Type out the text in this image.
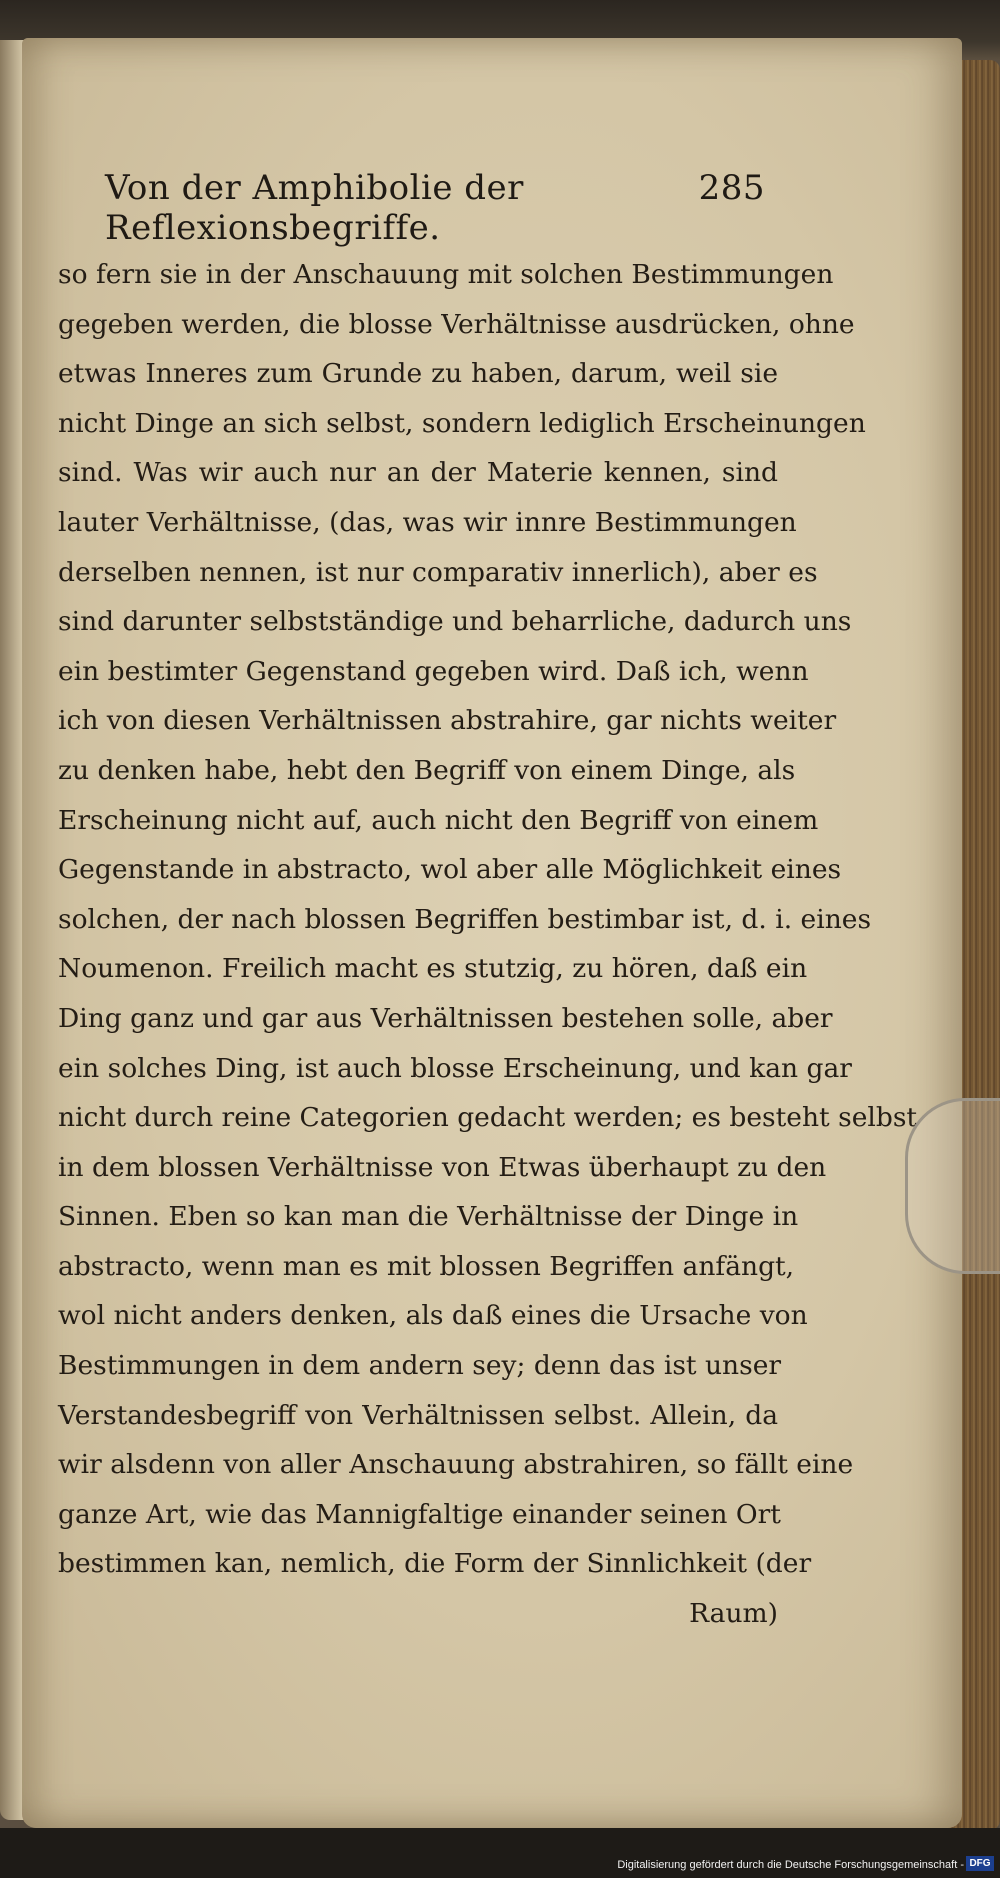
Von der Amphibolie der Reflexionsbegriffe.
285
so fern sie in der Anschauung mit solchen Bestimmungen
gegeben werden, die blosse Verhältnisse ausdrücken, ohne
etwas Inneres zum Grunde zu haben, darum, weil sie
nicht Dinge an sich selbst, sondern lediglich Erscheinungen
sind. Was wir auch nur an der Materie kennen, sind
lauter Verhältnisse, (das, was wir innre Bestimmungen
derselben nennen, ist nur comparativ innerlich), aber es
sind darunter selbstständige und beharrliche, dadurch uns
ein bestimter Gegenstand gegeben wird. Daß ich, wenn
ich von diesen Verhältnissen abstrahire, gar nichts weiter
zu denken habe, hebt den Begriff von einem Dinge, als
Erscheinung nicht auf, auch nicht den Begriff von einem
Gegenstande in abstracto, wol aber alle Möglichkeit eines
solchen, der nach blossen Begriffen bestimbar ist, d. i. eines
Noumenon. Freilich macht es stutzig, zu hören, daß ein
Ding ganz und gar aus Verhältnissen bestehen solle, aber
ein solches Ding, ist auch blosse Erscheinung, und kan gar
nicht durch reine Categorien gedacht werden; es besteht selbst
in dem blossen Verhältnisse von Etwas überhaupt zu den
Sinnen. Eben so kan man die Verhältnisse der Dinge in
abstracto, wenn man es mit blossen Begriffen anfängt,
wol nicht anders denken, als daß eines die Ursache von
Bestimmungen in dem andern sey; denn das ist unser
Verstandesbegriff von Verhältnissen selbst. Allein, da
wir alsdenn von aller Anschauung abstrahiren, so fällt eine
ganze Art, wie das Mannigfaltige einander seinen Ort
bestimmen kan, nemlich, die Form der Sinnlichkeit (der
Raum)
Digitalisierung gefördert durch die Deutsche Forschungsgemeinschaft - DFG
